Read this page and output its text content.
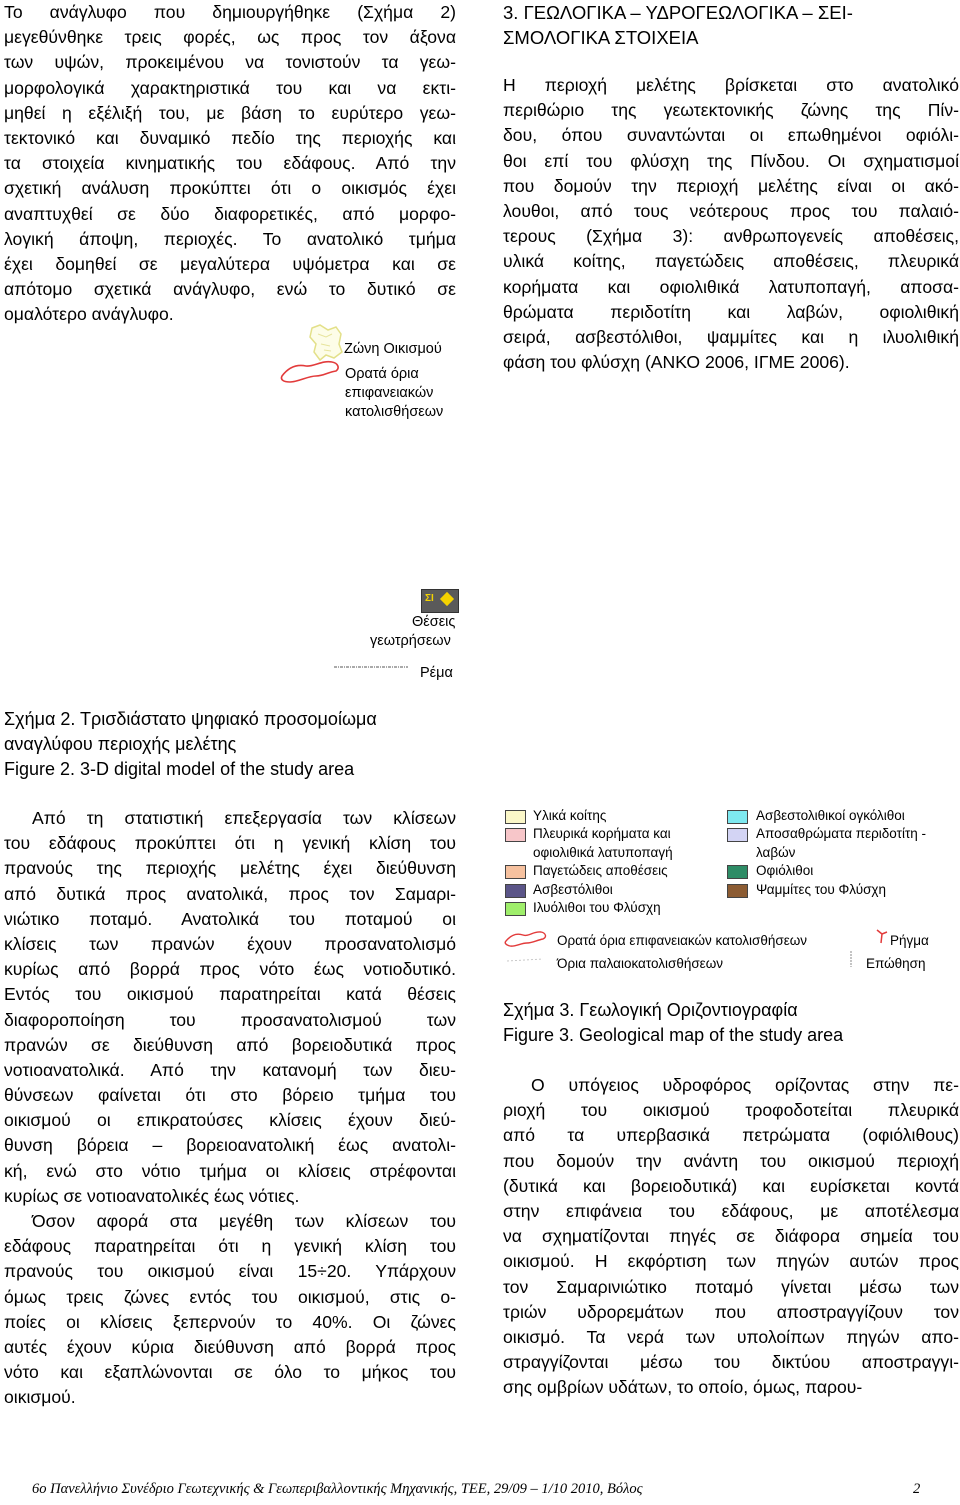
Το ανάγλυφο που δημιουργήθηκε (Σχήμα 2)
μεγεθύνθηκε τρεις φορές, ως προς τον άξονα
των υψών, προκειμένου να τονιστούν τα γεω-
μορφολογικά χαρακτηριστικά του και να εκτι-
μηθεί η εξέλιξή του, με βάση το ευρύτερο γεω-
τεκτονικό και δυναμικό πεδίο της περιοχής και
τα στοιχεία κινηματικής του εδάφους. Από την
σχετική ανάλυση προκύπτει ότι ο οικισμός έχει
αναπτυχθεί σε δύο διαφορετικές, από μορφο-
λογική άποψη, περιοχές. Το ανατολικό τμήμα
έχει δομηθεί σε μεγαλύτερα υψόμετρα και σε
απότομο σχετικά ανάγλυφο, ενώ το δυτικό σε
ομαλότερο ανάγλυφο.
Ζώνη Οικισμού
Ορατά όρια
επιφανειακών
κατολισθήσεων
ΣΙ
Θέσεις
γεωτρήσεων
Ρέμα
Σχήμα 2. Τρισδιάστατο ψηφιακό προσομοίωμα
αναγλύφου περιοχής μελέτης
Figure 2. 3-D digital model of the study area
Από τη στατιστική επεξεργασία των κλίσεων
του εδάφους προκύπτει ότι η γενική κλίση του
πρανούς της περιοχής μελέτης έχει διεύθυνση
από δυτικά προς ανατολικά, προς τον Σαμαρι-
νιώτικο ποταμό. Ανατολικά του ποταμού οι
κλίσεις των πρανών έχουν προσανατολισμό
κυρίως από βορρά προς νότο έως νοτιοδυτικό.
Εντός του οικισμού παρατηρείται κατά θέσεις
διαφοροποίηση του προσανατολισμού των
πρανών σε διεύθυνση από βορειοδυτικά προς
νοτιοανατολικά. Από την κατανομή των διευ-
θύνσεων φαίνεται ότι στο βόρειο τμήμα του
οικισμού οι επικρατούσες κλίσεις έχουν διεύ-
θυνση βόρεια – βορειοανατολική έως ανατολι-
κή, ενώ στο νότιο τμήμα οι κλίσεις στρέφονται
κυρίως σε νοτιοανατολικές έως νότιες.
Όσον αφορά στα μεγέθη των κλίσεων του
εδάφους παρατηρείται ότι η γενική κλίση του
πρανούς του οικισμού είναι 15÷20. Υπάρχουν
όμως τρεις ζώνες εντός του οικισμού, στις ο-
ποίες οι κλίσεις ξεπερνούν το 40%. Οι ζώνες
αυτές έχουν κύρια διεύθυνση από βορρά προς
νότο και εξαπλώνονται σε όλο το μήκος του
οικισμού.
3. ΓΕΩΛΟΓΙΚΑ – ΥΔΡΟΓΕΩΛΟΓΙΚΑ – ΣΕΙ-
ΣΜΟΛΟΓΙΚΑ ΣΤΟΙΧΕΙΑ
Η περιοχή μελέτης βρίσκεται στο ανατολικό
περιθώριο της γεωτεκτονικής ζώνης της Πίν-
δου, όπου συναντώνται οι επωθημένοι οφιόλι-
θοι επί του φλύσχη της Πίνδου. Οι σχηματισμοί
που δομούν την περιοχή μελέτης είναι οι ακό-
λουθοι, από τους νεότερους προς του παλαιό-
τερους (Σχήμα 3): ανθρωπογενείς αποθέσεις,
υλικά κοίτης, παγετώδεις αποθέσεις, πλευρικά
κορήματα και οφιολιθικά λατυποπαγή, αποσα-
θρώματα περιδοτίτη και λαβών, οφιολιθική
σειρά, ασβεστόλιθοι, ψαμμίτες και η ιλυολιθική
φάση του φλύσχη (ΑΝΚΟ 2006, ΙΓΜΕ 2006).
Υλικά κοίτης
Πλευρικά κορήματα και
οφιολιθικά λατυποπαγή
Παγετώδεις αποθέσεις
Ασβεστόλιθοι
Ιλυόλιθοι του Φλύσχη
Ασβεστολιθικοί ογκόλιθοι
Αποσαθρώματα περιδοτίτη -
λαβών
Οφιόλιθοι
Ψαμμίτες του Φλύσχη
Ορατά όρια επιφανειακών κατολισθήσεων	Ρήγμα
Όρια παλαιοκατολισθήσεων	Επώθηση
Σχήμα 3. Γεωλογική Οριζοντιογραφία
Figure 3. Geological map of the study area
Ο υπόγειος υδροφόρος ορίζοντας στην πε-
ριοχή του οικισμού τροφοδοτείται πλευρικά
από τα υπερβασικά πετρώματα (οφιόλιθους)
που δομούν την ανάντη του οικισμού περιοχή
(δυτικά και βορειοδυτικά) και ευρίσκεται κοντά
στην επιφάνεια του εδάφους, με αποτέλεσμα
να σχηματίζονται πηγές σε διάφορα σημεία του
οικισμού. Η εκφόρτιση των πηγών αυτών προς
τον Σαμαρινιώτικο ποταμό γίνεται μέσω των
τριών υδρορεμάτων που αποστραγγίζουν τον
οικισμό. Τα νερά των υπολοίπων πηγών απο-
στραγγίζονται μέσω του δικτύου αποστραγγι-
σης ομβρίων υδάτων, το οποίο, όμως, παρου-
6ο Πανελλήνιο Συνέδριο Γεωτεχνικής & Γεωπεριβαλλοντικής Μηχανικής, ΤΕΕ, 29/09 – 1/10 2010, Βόλος	2
